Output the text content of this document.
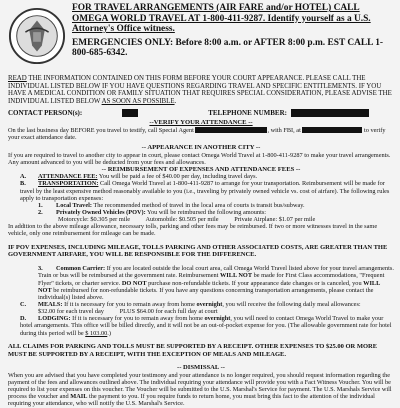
FOR TRAVEL ARRANGEMENTS (AIR FARE and/or HOTEL) CALL OMEGA WORLD TRAVEL AT 1-800-411-9287. Identify yourself as a U.S. Attorney's Office witness.

EMERGENCIES ONLY: Before 8:00 a.m. or AFTER 8:00 p.m. EST CALL 1-800-685-6342.

READ THE INFORMATION CONTAINED ON THIS FORM BEFORE YOUR COURT APPEARANCE. PLEASE CALL THE INDIVIDUAL LISTED BELOW IF YOU HAVE QUESTIONS REGARDING TRAVEL AND SPECIFIC ENTITLEMENTS. IF YOU HAVE A MEDICAL CONDITION OR FAMILY SITUATION THAT REQUIRES SPECIAL CONSIDERATION, PLEASE ADVISE THE INDIVIDUAL LISTED BELOW AS SOON AS POSSIBLE.

CONTACT PERSON(s):	TELEPHONE NUMBER:
--VERIFY YOUR ATTENDANCE --

On the last business day BEFORE you travel to testify, call Special Agent	, with FBI, at	to verify your exact attendance date.

-- APPEARANCE IN ANOTHER CITY --

If you are required to travel to another city to appear in court, please contact Omega World Travel at 1-800-411-9287 to make your travel arrangements. Any amount advanced to you will be deducted from your fees and allowances.

-- REIMBURSEMENT OF EXPENSES AND ATTENDANCE FEES --

A. ATTENDANCE FEE: You will be paid a fee of $40.00 per day, including travel days.

B. TRANSPORTATION: Call Omega World Travel at 1-800-411-9287 to arrange for your transportation. Reimbursement will be made for travel by the least expensive method reasonably available to you (i.e., traveling by privately owned vehicle vs. cost of airfare). The following rules apply to transportation expenses:

1. Local Travel: The recommended method of travel in the local area of courts is transit bus/subway.

2. Privately Owned Vehicles (POV): You will be reimbursed the following amounts:

Motorcycle: $0.305 per mile          Automobile: $0.505 per mile          Private Airplane: $1.07 per mile

In addition to the above mileage allowance, necessary tolls, parking and other fees may be reimbursed. If two or more witnesses travel in the same vehicle, only one reimbursement for mileage can be made.

IF POV EXPENSES, INCLUDING MILEAGE, TOLLS PARKING AND OTHER ASSOCIATED COSTS, ARE GREATER THAN THE GOVERNMENT AIRFARE, YOU WILL BE RESPONSIBLE FOR THE DIFFERENCE.

3. Common Carrier: If you are located outside the local court area, call Omega World Travel listed above for your travel arrangements. Train or bus will be reimbursed at the government rate. Reimbursement WILL NOT be made for First Class accommodations, "Frequent Flyer" tickets, or charter service. DO NOT purchase non-refundable tickets. If your appearance date changes or is canceled, you WILL NOT be reimbursed for non-refundable tickets. If you have any questions concerning transportation arrangements, please contact the individual(s) listed above.

C. MEALS: If it is necessary for you to remain away from home overnight, you will receive the following daily meal allowances:

$32.00 for each travel day          PLUS $64.00 for each full day at court

D. LODGING: If it is necessary for you to remain away from home overnight, you will need to contact Omega World Travel to make your hotel arrangements. This office will be billed directly, and it will not be an out-of-pocket expense for you. (The allowable government rate for hotel during this period will be $ 103.00.)

ALL CLAIMS FOR PARKING AND TOLLS MUST BE SUPPORTED BY A RECEIPT. OTHER EXPENSES TO $25.00 OR MORE MUST BE SUPPORTED BY A RECEIPT, WITH THE EXCEPTION OF MEALS AND MILEAGE.

-- DISMISSAL --

When you are advised that you have completed your testimony and your attendance is no longer required, you should request information regarding the payment of the fees and allowances outlined above. The individual requiring your attendance will provide you with a Fact Witness Voucher. You will be required to list your expenses on this voucher. The Voucher will be submitted to the U.S. Marshal's Service for payment. The U.S. Marshals Service will process the voucher and MAIL the payment to you. If you require funds to return home, you must bring this fact to the attention of the individual requiring your attendance, who will notify the U.S. Marshal's Service.
